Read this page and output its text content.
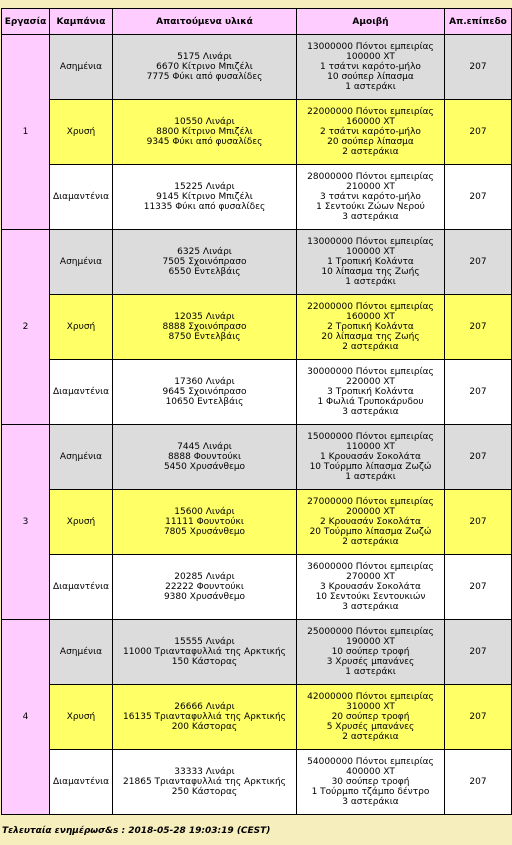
Εργασία	Καμπάνια	Απαιτούμενα υλικά	Αμοιβή	Απ.επίπεδο
1	Ασημένια	5175 Λινάρι
6670 Κίτρινο Μπιζέλι
7775 Φύκι από φυσαλίδες	13000000 Πόντοι εμπειρίας
100000 XT
1 τσάτνι καρότο-μήλο
10 σούπερ λίπασμα
1 αστεράκι	207
	Χρυσή	10550 Λινάρι
8800 Κίτρινο Μπιζέλι
9345 Φύκι από φυσαλίδες	22000000 Πόντοι εμπειρίας
160000 XT
2 τσάτνι καρότο-μήλο
20 σούπερ λίπασμα
2 αστεράκια	207
	Διαμαντένια	15225 Λινάρι
9145 Κίτρινο Μπιζέλι
11335 Φύκι από φυσαλίδες	28000000 Πόντοι εμπειρίας
210000 XT
3 τσάτνι καρότο-μήλο
1 Σεντούκι Ζώων Νερού
3 αστεράκια	207
2	Ασημένια	6325 Λινάρι
7505 Σχοινόπρασο
6550 Εντελβάις	13000000 Πόντοι εμπειρίας
100000 XT
1 Τροπική Κολάντα
10 λίπασμα της Ζωής
1 αστεράκι	207
	Χρυσή	12035 Λινάρι
8888 Σχοινόπρασο
8750 Εντελβάις	22000000 Πόντοι εμπειρίας
160000 XT
2 Τροπική Κολάντα
20 λίπασμα της Ζωής
2 αστεράκια	207
	Διαμαντένια	17360 Λινάρι
9645 Σχοινόπρασο
10650 Εντελβάις	30000000 Πόντοι εμπειρίας
220000 XT
3 Τροπική Κολάντα
1 Φωλιά Τρυποκάρυδου
3 αστεράκια	207
3	Ασημένια	7445 Λινάρι
8888 Φουντούκι
5450 Χρυσάνθεμο	15000000 Πόντοι εμπειρίας
110000 XT
1 Κρουασάν Σοκολάτα
10 Τούρμπο λίπασμα Ζωζώ
1 αστεράκι	207
	Χρυσή	15600 Λινάρι
11111 Φουντούκι
7805 Χρυσάνθεμο	27000000 Πόντοι εμπειρίας
200000 XT
2 Κρουασάν Σοκολάτα
20 Τούρμπο λίπασμα Ζωζώ
2 αστεράκια	207
	Διαμαντένια	20285 Λινάρι
22222 Φουντούκι
9380 Χρυσάνθεμο	36000000 Πόντοι εμπειρίας
270000 XT
3 Κρουασάν Σοκολάτα
10 Σεντούκι Σεντουκιών
3 αστεράκια	207
4	Ασημένια	15555 Λινάρι
11000 Τριανταφυλλιά της Αρκτικής
150 Κάστορας	25000000 Πόντοι εμπειρίας
190000 XT
10 σούπερ τροφή
3 Χρυσές μπανάνες
1 αστεράκι	207
	Χρυσή	26666 Λινάρι
16135 Τριανταφυλλιά της Αρκτικής
200 Κάστορας	42000000 Πόντοι εμπειρίας
310000 XT
20 σούπερ τροφή
5 Χρυσές μπανάνες
2 αστεράκια	207
	Διαμαντένια	33333 Λινάρι
21865 Τριανταφυλλιά της Αρκτικής
250 Κάστορας	54000000 Πόντοι εμπειρίας
400000 XT
30 σούπερ τροφή
1 Τούρμπο τζάμπο δέντρο
3 αστεράκια	207
Τελευταία ενημέρωσ&s : 2018-05-28 19:03:19 (CEST)
